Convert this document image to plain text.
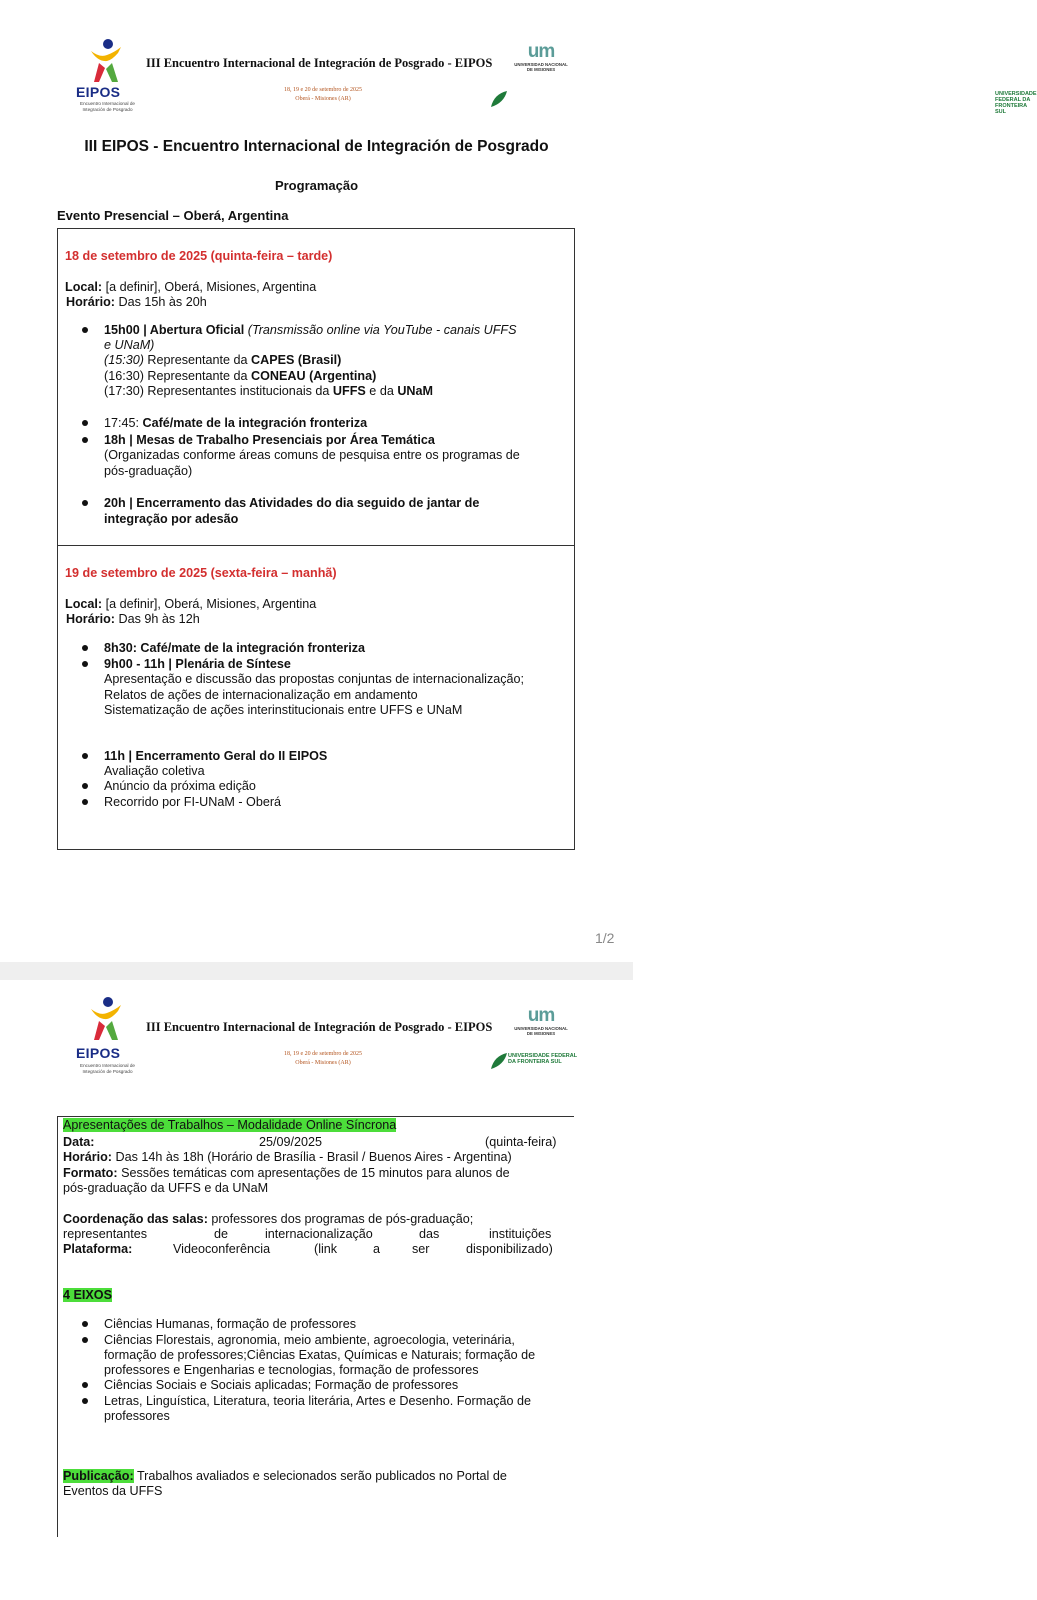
EIPOS
Encuentro Internacional de Integración de Posgrado
III Encuentro Internacional de Integración de Posgrado - EIPOS
18, 19 e 20 de setembro de 2025
Oberá - Misiones (AR)
um
UNIVERSIDAD NACIONAL DE MISIONES
UNIVERSIDADE FEDERAL DA FRONTEIRA SUL
III EIPOS - Encuentro Internacional de Integración de Posgrado
Programação
Evento Presencial – Oberá, Argentina
18 de setembro de 2025 (quinta-feira – tarde)
Local: [a definir], Oberá, Misiones, Argentina
Horário: Das 15h às 20h
15h00 | Abertura Oficial (Transmissão online via YouTube - canais UFFS
e UNaM)
(15:30) Representante da CAPES (Brasil)
(16:30) Representante da CONEAU (Argentina)
(17:30) Representantes institucionais da UFFS e da UNaM
17:45: Café/mate de la integración fronteriza
18h | Mesas de Trabalho Presenciais por Área Temática
(Organizadas conforme áreas comuns de pesquisa entre os programas de
pós-graduação)
20h | Encerramento das Atividades do dia seguido de jantar de
integração por adesão
19 de setembro de 2025 (sexta-feira – manhã)
Local: [a definir], Oberá, Misiones, Argentina
Horário: Das 9h às 12h
8h30: Café/mate de la integración fronteriza
9h00 - 11h | Plenária de Síntese
Apresentação e discussão das propostas conjuntas de internacionalização;
Relatos de ações de internacionalização em andamento
Sistematização de ações interinstitucionais entre UFFS e UNaM
11h | Encerramento Geral do II EIPOS
Avaliação coletiva
Anúncio da próxima edição
Recorrido por FI-UNaM - Oberá
1/2
EIPOS
Encuentro Internacional de Integración de Posgrado
III Encuentro Internacional de Integración de Posgrado - EIPOS
18, 19 e 20 de setembro de 2025
Oberá - Misiones (AR)
um
UNIVERSIDAD NACIONAL DE MISIONES
UNIVERSIDADE FEDERAL DA FRONTEIRA SUL
Apresentações de Trabalhos – Modalidade Online Síncrona
Data:	25/09/2025	(quinta-feira)
Horário: Das 14h às 18h (Horário de Brasília - Brasil / Buenos Aires - Argentina)
Formato: Sessões temáticas com apresentações de 15 minutos para alunos de
pós-graduação da UFFS e da UNaM
Coordenação das salas: professores dos programas de pós-graduação;
representantes	de	internacionalização	das	instituições
Plataforma:	Videoconferência	(link	a	ser	disponibilizado)
4 EIXOS
Ciências Humanas, formação de professores
Ciências Florestais, agronomia, meio ambiente, agroecologia, veterinária,
formação de professores;Ciências Exatas, Químicas e Naturais; formação de
professores e Engenharias e tecnologias, formação de professores
Ciências Sociais e Sociais aplicadas; Formação de professores
Letras, Linguística, Literatura, teoria literária, Artes e Desenho. Formação de
professores
Publicação: Trabalhos avaliados e selecionados serão publicados no Portal de
Eventos da UFFS
